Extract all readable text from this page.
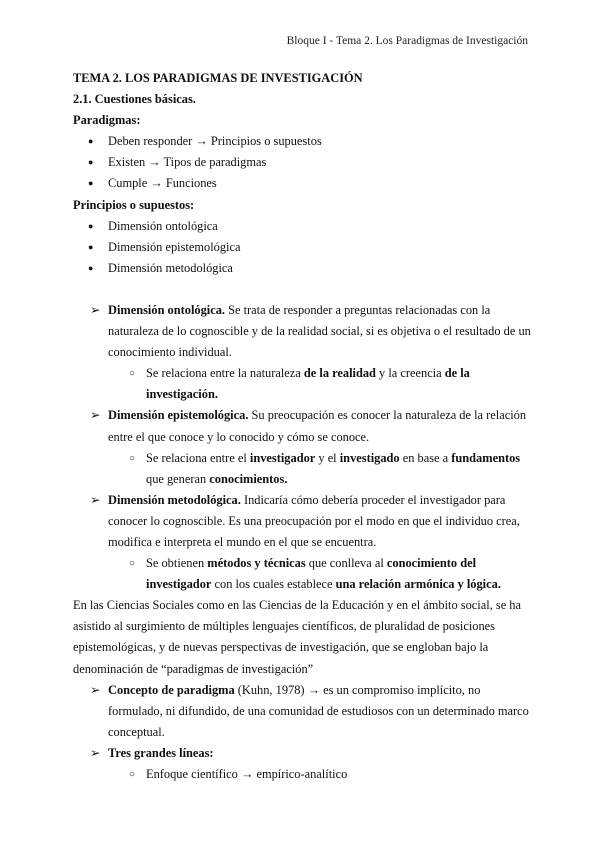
Bloque I - Tema 2. Los Paradigmas de Investigación
TEMA 2. LOS PARADIGMAS DE INVESTIGACIÓN
2.1. Cuestiones básicas.
Paradigmas:
● Deben responder → Principios o supuestos
● Existen → Tipos de paradigmas
● Cumple → Funciones
Principios o supuestos:
● Dimensión ontológica
● Dimensión epistemológica
● Dimensión metodológica
➢ Dimensión ontológica. Se trata de responder a preguntas relacionadas con la naturaleza de lo cognoscible y de la realidad social, si es objetiva o el resultado de un conocimiento individual.
○ Se relaciona entre la naturaleza de la realidad y la creencia de la investigación.
➢ Dimensión epistemológica. Su preocupación es conocer la naturaleza de la relación entre el que conoce y lo conocido y cómo se conoce.
○ Se relaciona entre el investigador y el investigado en base a fundamentos que generan conocimientos.
➢ Dimensión metodológica. Indicaría cómo debería proceder el investigador para conocer lo cognoscible. Es una preocupación por el modo en que el individuo crea, modifica e interpreta el mundo en el que se encuentra.
○ Se obtienen métodos y técnicas que conlleva al conocimiento del investigador con los cuales establece una relación armónica y lógica.
En las Ciencias Sociales como en las Ciencias de la Educación y en el ámbito social, se ha asistido al surgimiento de múltiples lenguajes científicos, de pluralidad de posiciones epistemológicas, y de nuevas perspectivas de investigación, que se engloban bajo la denominación de “paradigmas de investigación”
➢ Concepto de paradigma (Kuhn, 1978) → es un compromiso implícito, no formulado, ni difundido, de una comunidad de estudiosos con un determinado marco conceptual.
➢ Tres grandes líneas:
○ Enfoque científico → empírico-analítico
